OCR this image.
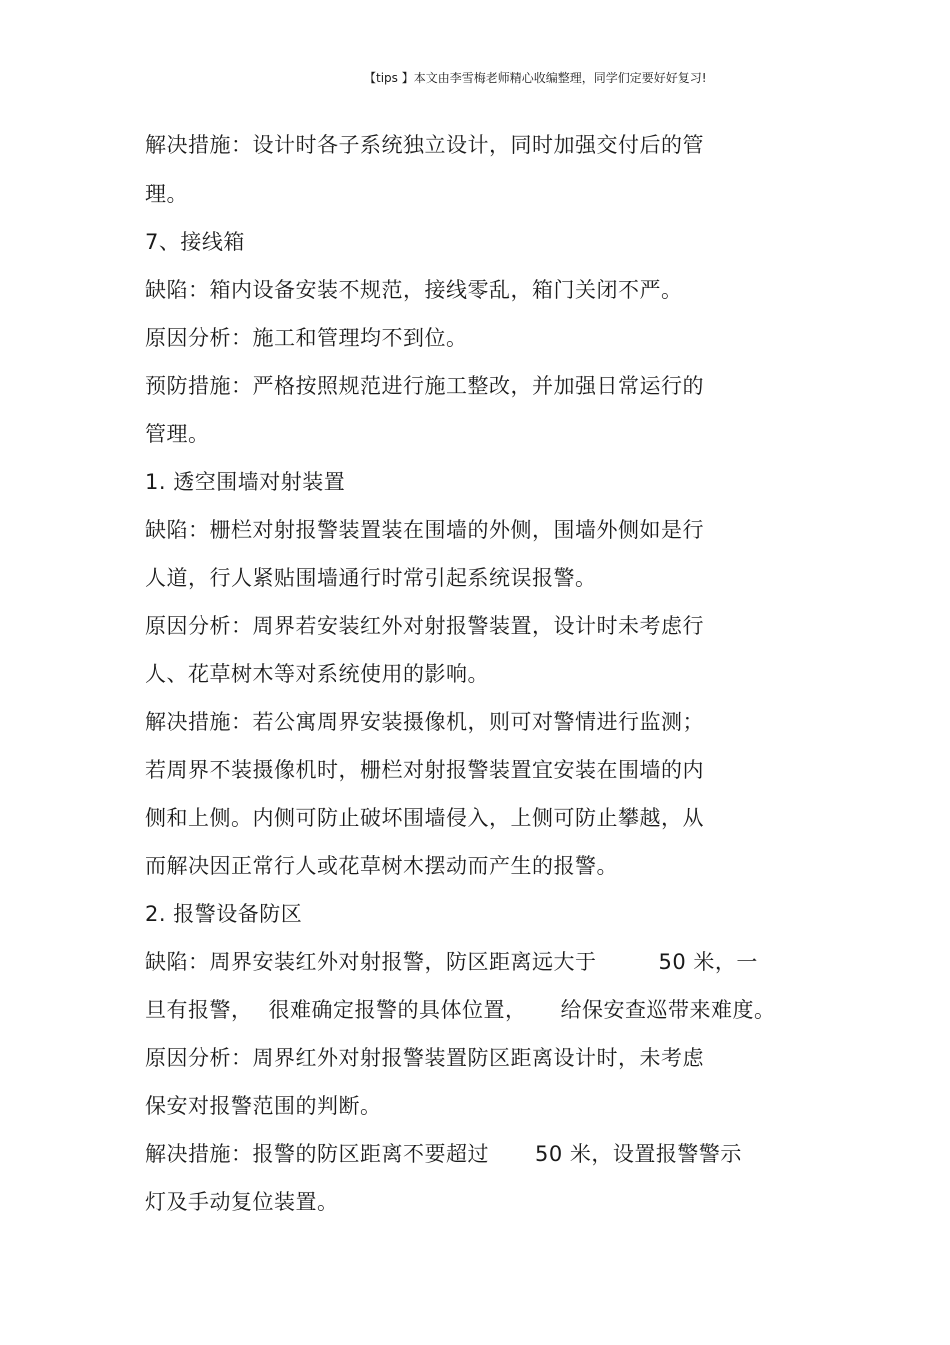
【tips 】本文由李雪梅老师精心收编整理，同学们定要好好复习!
解决措施：设计时各子系统独立设计，同时加强交付后的管
理。
7、接线箱
缺陷：箱内设备安装不规范，接线零乱，箱门关闭不严。
原因分析：施工和管理均不到位。
预防措施：严格按照规范进行施工整改，并加强日常运行的
管理。
1. 透空围墙对射装置
缺陷：栅栏对射报警装置装在围墙的外侧，围墙外侧如是行
人道，行人紧贴围墙通行时常引起系统误报警。
原因分析：周界若安装红外对射报警装置，设计时未考虑行
人、花草树木等对系统使用的影响。
解决措施：若公寓周界安装摄像机，则可对警情进行监测；
若周界不装摄像机时，栅栏对射报警装置宜安装在围墙的内
侧和上侧。内侧可防止破坏围墙侵入，上侧可防止攀越，从
而解决因正常行人或花草树木摆动而产生的报警。
2. 报警设备防区
缺陷：周界安装红外对射报警，防区距离远大于	50 米，一
旦有报警， 很难确定报警的具体位置， 给保安查巡带来难度。
原因分析：周界红外对射报警装置防区距离设计时，未考虑
保安对报警范围的判断。
解决措施：报警的防区距离不要超过 50 米，设置报警警示
灯及手动复位装置。
